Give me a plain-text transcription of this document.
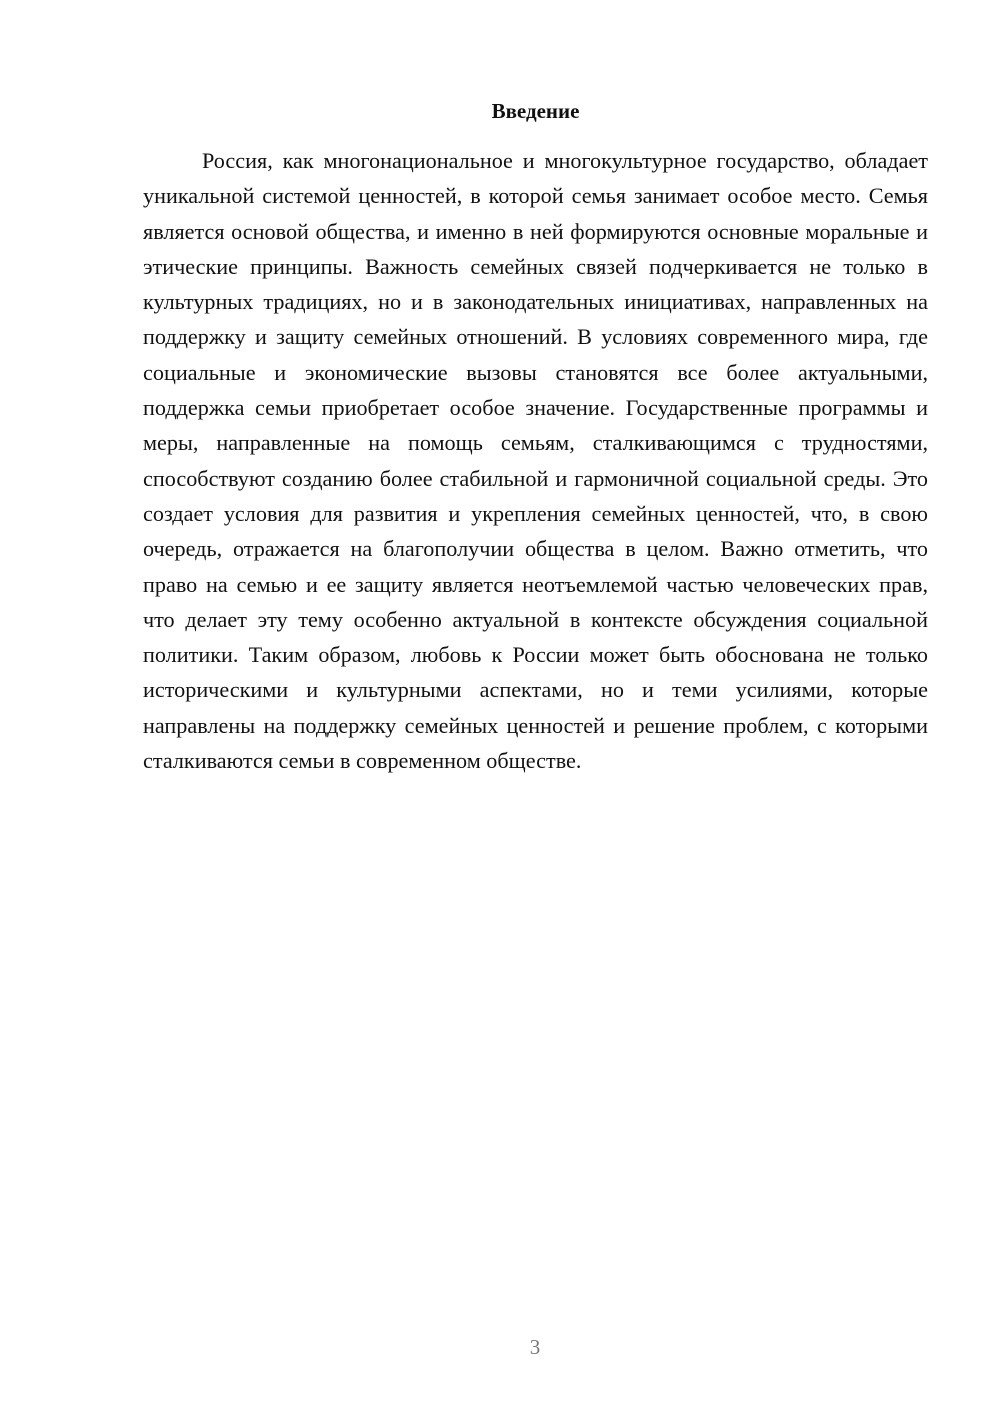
Введение

Россия, как многонациональное и многокультурное государство, обладает уникальной системой ценностей, в которой семья занимает особое место. Семья является основой общества, и именно в ней формируются основные моральные и этические принципы. Важность семейных связей подчеркивается не только в культурных традициях, но и в законодательных инициативах, направленных на поддержку и защиту семейных отношений. В условиях современного мира, где социальные и экономические вызовы становятся все более актуальными, поддержка семьи приобретает особое значение. Государственные программы и меры, направленные на помощь семьям, сталкивающимся с трудностями, способствуют созданию более стабильной и гармоничной социальной среды. Это создает условия для развития и укрепления семейных ценностей, что, в свою очередь, отражается на благополучии общества в целом. Важно отметить, что право на семью и ее защиту является неотъемлемой частью человеческих прав, что делает эту тему особенно актуальной в контексте обсуждения социальной политики. Таким образом, любовь к России может быть обоснована не только историческими и культурными аспектами, но и теми усилиями, которые направлены на поддержку семейных ценностей и решение проблем, с которыми сталкиваются семьи в современном обществе.

3
